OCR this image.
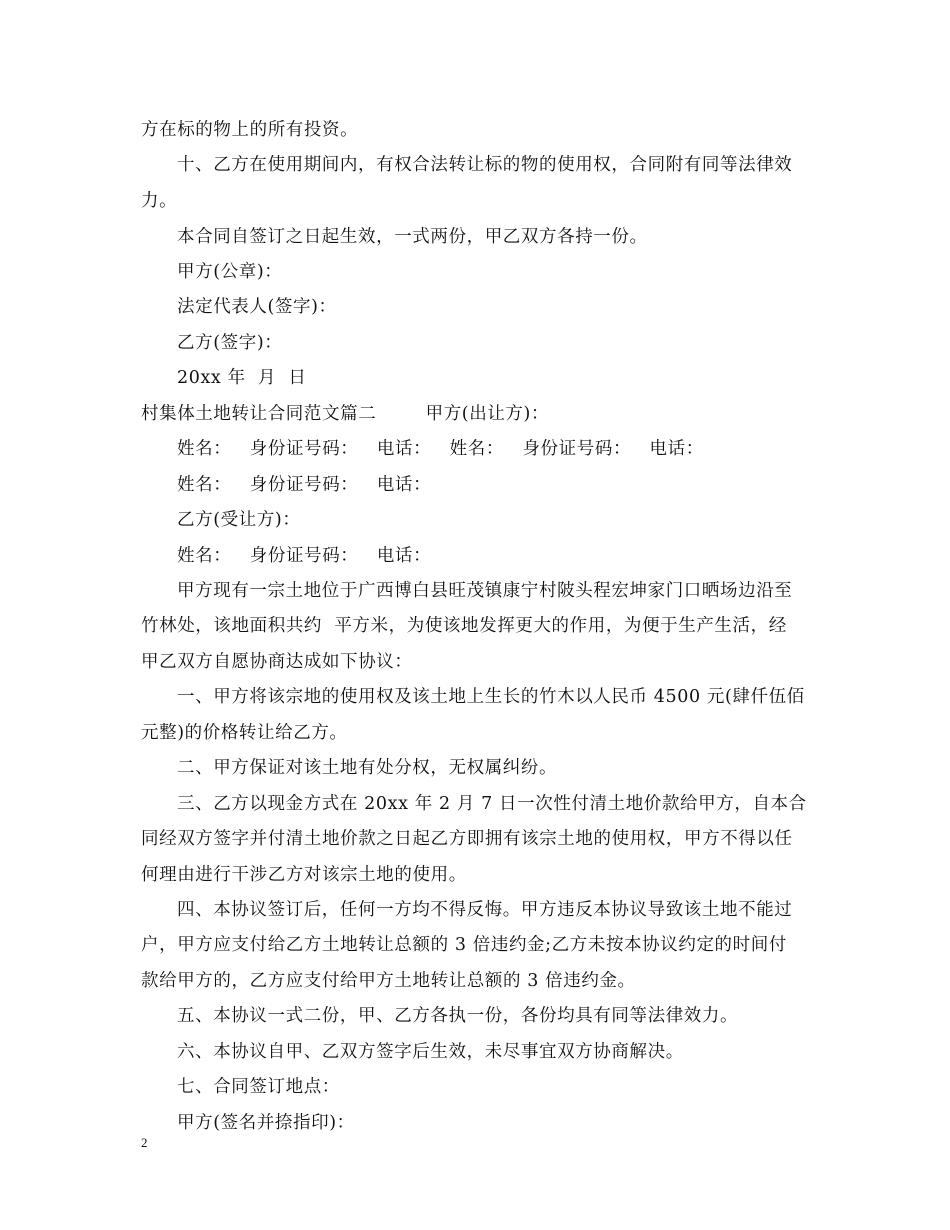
方在标的物上的所有投资。
十、乙方在使用期间内，有权合法转让标的物的使用权，合同附有同等法律效
力。
本合同自签订之日起生效，一式两份，甲乙双方各持一份。
甲方(公章)：
法定代表人(签字)：
乙方(签字)：
20xx 年  月  日
村集体土地转让合同范文篇二        甲方(出让方)：
姓名：   身份证号码：   电话：   姓名：   身份证号码：   电话：
姓名：   身份证号码：   电话：
乙方(受让方)：
姓名：   身份证号码：   电话：
甲方现有一宗土地位于广西博白县旺茂镇康宁村陂头程宏坤家门口晒场边沿至
竹林处，该地面积共约  平方米，为使该地发挥更大的作用，为便于生产生活，经
甲乙双方自愿协商达成如下协议：
一、甲方将该宗地的使用权及该土地上生长的竹木以人民币 4500 元(肆仟伍佰
元整)的价格转让给乙方。
二、甲方保证对该土地有处分权，无权属纠纷。
三、乙方以现金方式在 20xx 年 2 月 7 日一次性付清土地价款给甲方，自本合
同经双方签字并付清土地价款之日起乙方即拥有该宗土地的使用权，甲方不得以任
何理由进行干涉乙方对该宗土地的使用。
四、本协议签订后，任何一方均不得反悔。甲方违反本协议导致该土地不能过
户，甲方应支付给乙方土地转让总额的 3 倍违约金;乙方未按本协议约定的时间付
款给甲方的，乙方应支付给甲方土地转让总额的 3 倍违约金。
五、本协议一式二份，甲、乙方各执一份，各份均具有同等法律效力。
六、本协议自甲、乙双方签字后生效，未尽事宜双方协商解决。
七、合同签订地点：
甲方(签名并捺指印)：
2
